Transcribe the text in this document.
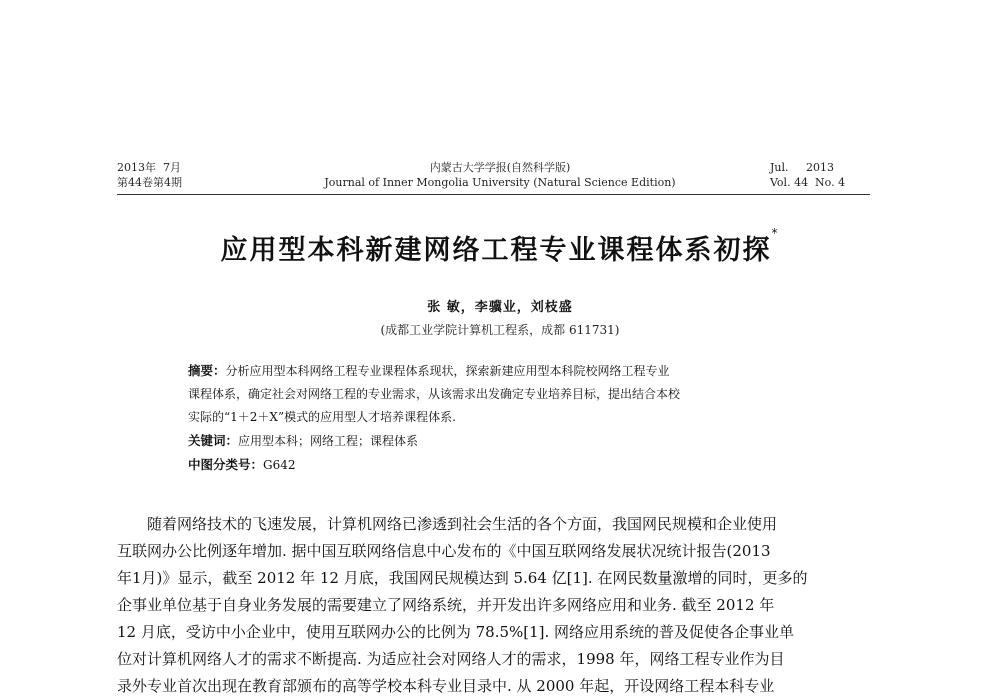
2013年  7月
第44卷第4期
内蒙古大学学报(自然科学版)
Journal of Inner Mongolia University (Natural Science Edition)
Jul.     2013
Vol. 44  No. 4
应用型本科新建网络工程专业课程体系初探*
张 敏，李骥业，刘枝盛
(成都工业学院计算机工程系，成都 611731)
摘要：分析应用型本科网络工程专业课程体系现状，探索新建应用型本科院校网络工程专业
课程体系，确定社会对网络工程的专业需求，从该需求出发确定专业培养目标，提出结合本校
实际的“1＋2＋X”模式的应用型人才培养课程体系.
关键词：应用型本科；网络工程；课程体系
中图分类号：G642
随着网络技术的飞速发展，计算机网络已渗透到社会生活的各个方面，我国网民规模和企业使用
互联网办公比例逐年增加. 据中国互联网络信息中心发布的《中国互联网络发展状况统计报告(2013
年1月)》显示，截至 2012 年 12 月底，我国网民规模达到 5.64 亿[1]. 在网民数量激增的同时，更多的
企事业单位基于自身业务发展的需要建立了网络系统，并开发出许多网络应用和业务. 截至 2012 年
12 月底，受访中小企业中，使用互联网办公的比例为 78.5%[1]. 网络应用系统的普及促使各企事业单
位对计算机网络人才的需求不断提高. 为适应社会对网络人才的需求，1998 年，网络工程专业作为目
录外专业首次出现在教育部颁布的高等学校本科专业目录中. 从 2000 年起，开设网络工程本科专业
